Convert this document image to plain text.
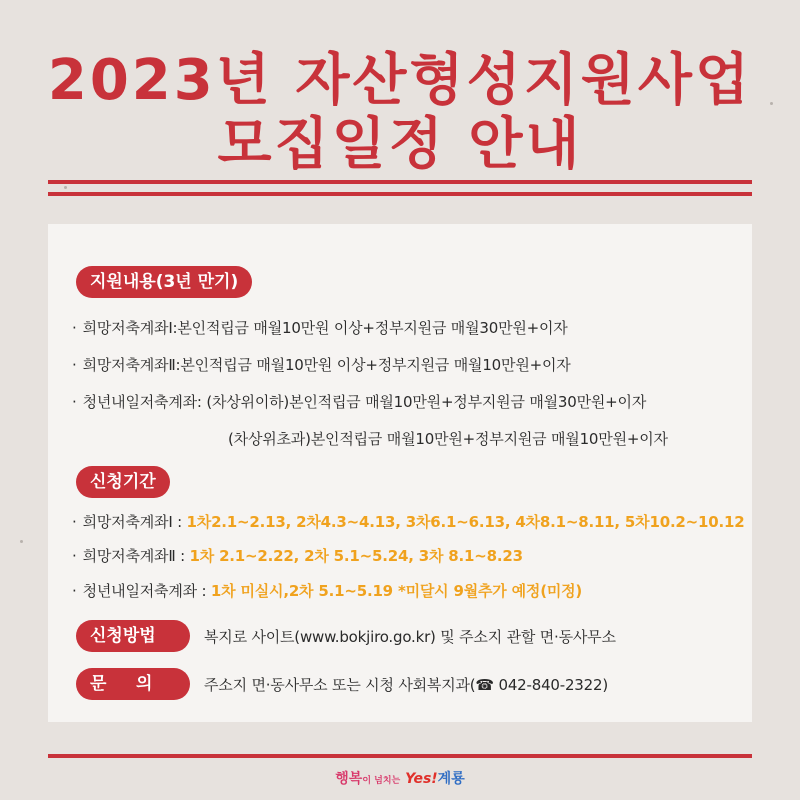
2023년 자산형성지원사업
모집일정 안내
지원내용(3년 만기)
· 희망저축계좌Ⅰ:본인적립금 매월10만원 이상+정부지원금 매월30만원+이자
· 희망저축계좌Ⅱ:본인적립금 매월10만원 이상+정부지원금 매월10만원+이자
· 청년내일저축계좌: (차상위이하)본인적립금 매월10만원+정부지원금 매월30만원+이자
(차상위초과)본인적립금 매월10만원+정부지원금 매월10만원+이자
신청기간
· 희망저축계좌Ⅰ : 1차2.1~2.13, 2차4.3~4.13, 3차6.1~6.13, 4차8.1~8.11, 5차10.2~10.12
· 희망저축계좌Ⅱ : 1차 2.1~2.22, 2차 5.1~5.24, 3차 8.1~8.23
· 청년내일저축계좌 : 1차 미실시,2차 5.1~5.19 *미달시 9월추가 예정(미정)
신청방법	복지로 사이트(www.bokjiro.go.kr) 및 주소지 관할 면·동사무소
문     의	주소지 면·동사무소 또는 시청 사회복지과(☎ 042-840-2322)
행복이 넘치는 Yes!계룡
